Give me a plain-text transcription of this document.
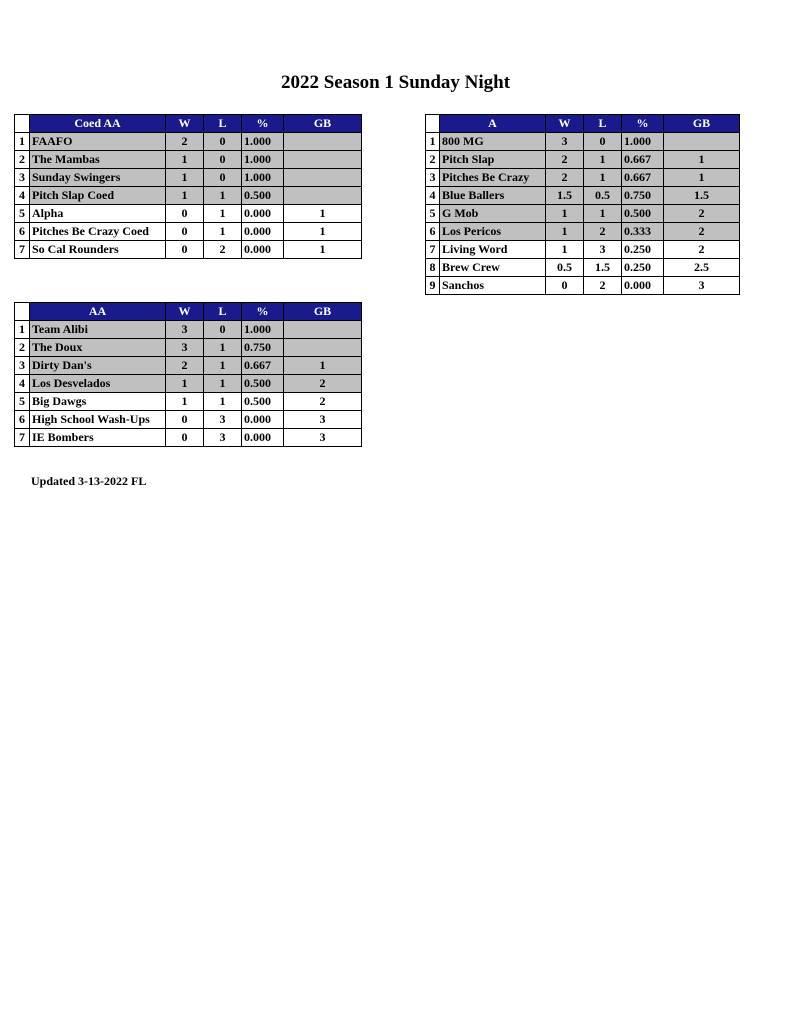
2022 Season 1 Sunday Night
	Coed AA	W	L	%	GB
1	FAAFO	2	0	1.000	
2	The Mambas	1	0	1.000	
3	Sunday Swingers	1	0	1.000	
4	Pitch Slap Coed	1	1	0.500	
5	Alpha	0	1	0.000	1
6	Pitches Be Crazy Coed	0	1	0.000	1
7	So Cal Rounders	0	2	0.000	1
	A	W	L	%	GB
1	800 MG	3	0	1.000	
2	Pitch Slap	2	1	0.667	1
3	Pitches Be Crazy	2	1	0.667	1
4	Blue Ballers	1.5	0.5	0.750	1.5
5	G Mob	1	1	0.500	2
6	Los Pericos	1	2	0.333	2
7	Living Word	1	3	0.250	2
8	Brew Crew	0.5	1.5	0.250	2.5
9	Sanchos	0	2	0.000	3
	AA	W	L	%	GB
1	Team Alibi	3	0	1.000	
2	The Doux	3	1	0.750	
3	Dirty Dan's	2	1	0.667	1
4	Los Desvelados	1	1	0.500	2
5	Big Dawgs	1	1	0.500	2
6	High School Wash-Ups	0	3	0.000	3
7	IE Bombers	0	3	0.000	3
Updated 3-13-2022 FL
